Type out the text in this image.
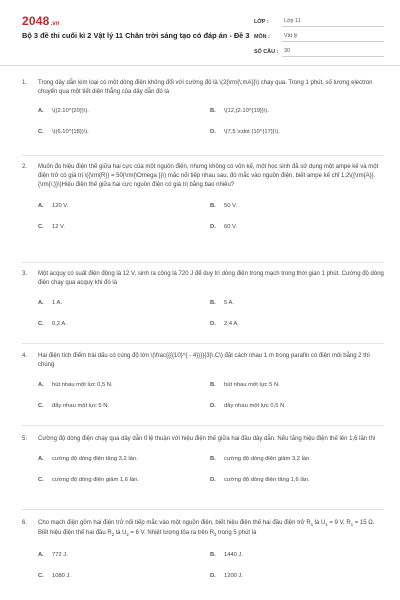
2048.vn
Bộ 3 đề thi cuối kì 2 Vật lý 11 Chân trời sáng tạo có đáp án - Đề 3
LỚP :	Lớp 11
MÔN :	Vật lý
SỐ CÂU :	30
1.	Trong dây dẫn kim loại có một dòng điện không đổi với cường độ là \(2{\rm{\;mA}}\) chạy qua. Trong 1 phút, số lượng electron chuyển qua một tiết diện thẳng của dây dẫn đó là
A.	\((2.10^{20})\).	B.	\(12,{2.10^{19}}\).
C.	\((6.10^{18})\).	D.	\(7,5 \cdot {10^{17}}\).
2.	Muốn đo hiệu điện thế giữa hai cực của một nguồn điện, nhưng không có vôn kế, một học sinh đã sử dụng một ampe kế và một điện trở có giá trị \({\rm{R}} = 50{\rm{\Omega }}\) mắc nối tiếp nhau sau, đó mắc vào nguồn điện, biết ampe kế chỉ 1,2\({\rm{A}}.{\rm{\;}}\)Hiệu điện thế giữa hai cực nguồn điện có giá trị bằng bao nhiêu?
A.	120 V.	B.	50 V.
C.	12 V.	D.	60 V.
3.	Một acquy có suất điện động là 12 V, sinh ra công là 720 J để duy trì dòng điện trong mạch trong thời gian 1 phút. Cường độ dòng điện chạy qua acquy khi đó là
A.	1 A.	B.	5 A.
C.	0,2 A.	D.	2,4 A.
4.	Hai điện tích điểm trái dấu có cùng độ lớn \(\frac{{{{10}^{ - 4}}}}{3}\,C\) đặt cách nhau 1 m trong parafin có điện môi bằng 2 thì chúng
A.	hút nhau một lực 0,5 N.	B.	hút nhau một lực 5 N.
C.	đẩy nhau một lực 5 N.	D.	đẩy nhau một lực 0,5 N.
5.	Cường độ dòng điện chạy qua dây dẫn tỉ lệ thuận với hiệu điện thế giữa hai đầu dây dẫn. Nếu tăng hiệu điện thế lên 1,6 lần thì
A.	cường độ dòng điện tăng 3,2 lần.	B.	cường độ dòng điện giảm 3,2 lần.
C.	cường độ dòng điện giảm 1,6 lần.	D.	cường độ dòng điện tăng 1,6 lần.
6.	Cho mạch điện gồm hai điện trở nối tiếp mắc vào một nguồn điện, biết hiệu điện thế hai đầu điện trở $R_1$ là $U_1 = 9$ V, $R_1 = 15$ Ω. Biết hiệu điện thế hai đầu $R_2$ là $U_2 = 6$ V. Nhiệt lượng tỏa ra trên $R_2$ trong 5 phút là
A.	772 J.	B.	1440 J.
C.	1080 J.	D.	1200 J.
